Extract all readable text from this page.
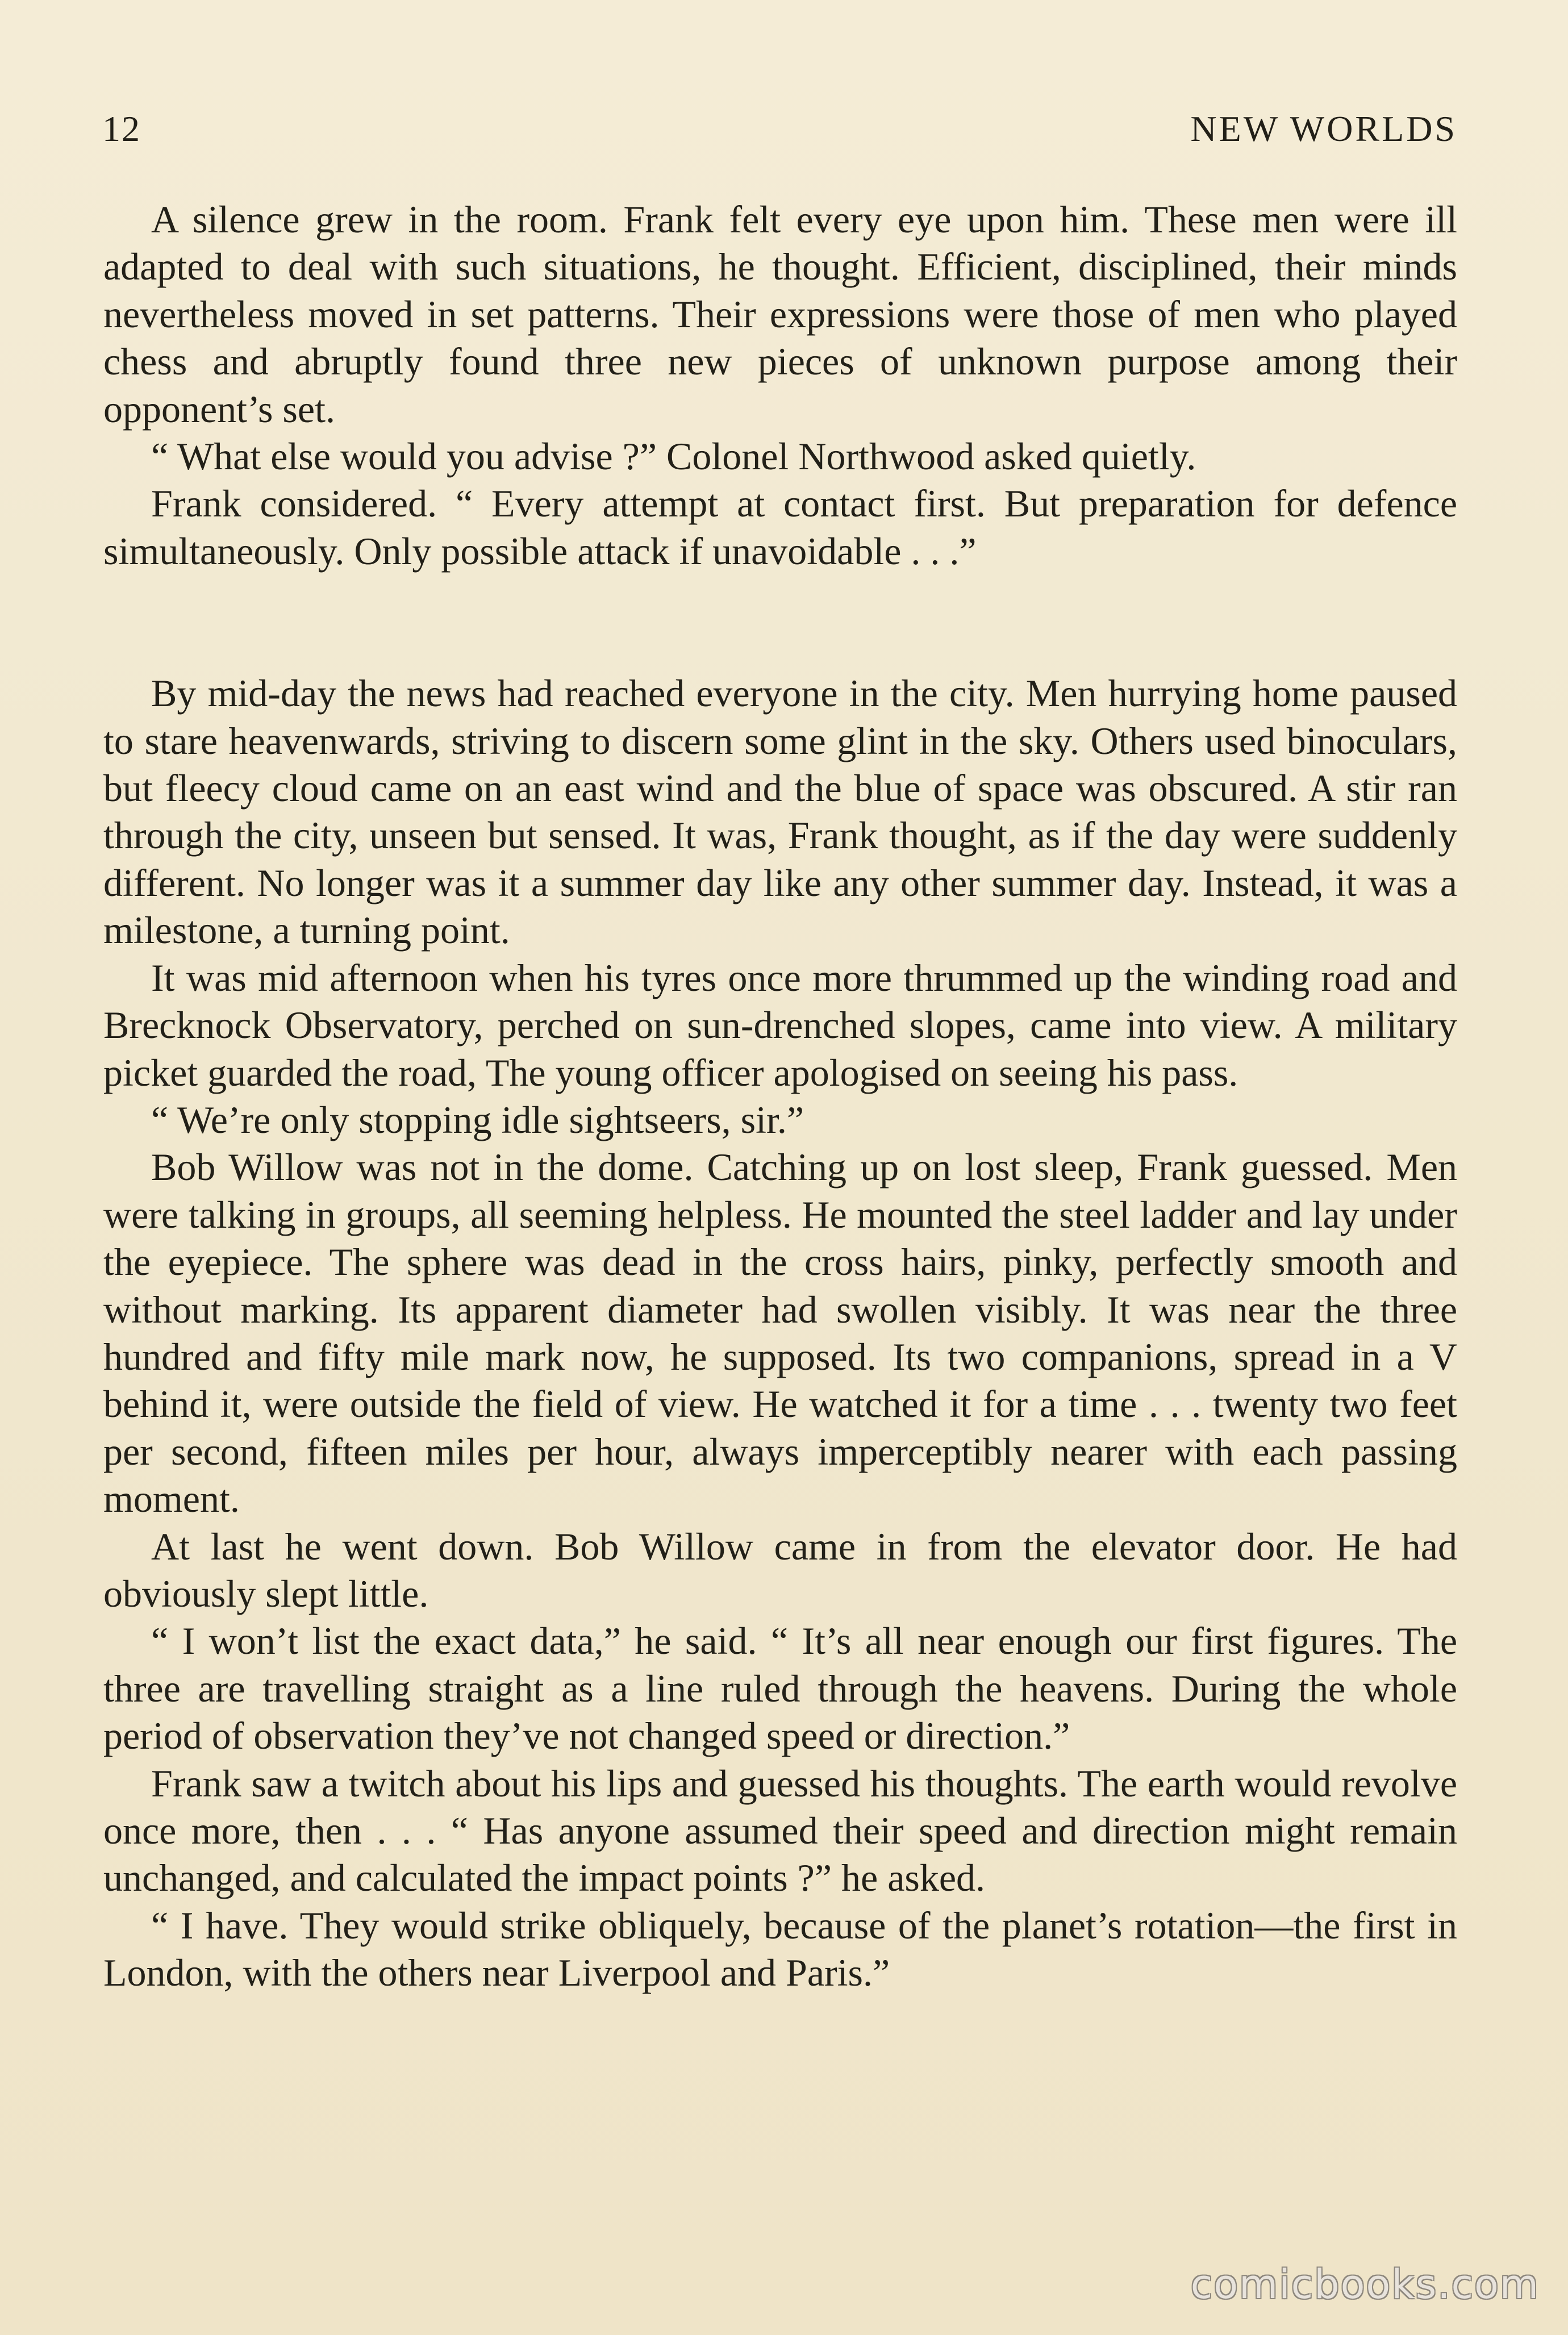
12	NEW WORLDS

A silence grew in the room. Frank felt every eye upon him. These men were ill adapted to deal with such situations, he thought. Efficient, disciplined, their minds nevertheless moved in set patterns. Their expressions were those of men who played chess and abruptly found three new pieces of unknown purpose among their opponent’s set.

“ What else would you advise ?” Colonel Northwood asked quietly.

Frank considered. “ Every attempt at contact first. But preparation for defence simultaneously. Only possible attack if unavoidable . . .”

By mid-day the news had reached everyone in the city. Men hurrying home paused to stare heavenwards, striving to discern some glint in the sky. Others used binoculars, but fleecy cloud came on an east wind and the blue of space was obscured. A stir ran through the city, unseen but sensed. It was, Frank thought, as if the day were suddenly different. No longer was it a summer day like any other summer day. Instead, it was a milestone, a turning point.

It was mid afternoon when his tyres once more thrummed up the winding road and Brecknock Observatory, perched on sun-drenched slopes, came into view. A military picket guarded the road, The young officer apologised on seeing his pass.

“ We’re only stopping idle sightseers, sir.”

Bob Willow was not in the dome. Catching up on lost sleep, Frank guessed. Men were talking in groups, all seeming helpless. He mounted the steel ladder and lay under the eyepiece. The sphere was dead in the cross hairs, pinky, perfectly smooth and without marking. Its apparent diameter had swollen visibly. It was near the three hundred and fifty mile mark now, he supposed. Its two companions, spread in a V behind it, were outside the field of view. He watched it for a time . . . twenty two feet per second, fifteen miles per hour, always imperceptibly nearer with each passing moment.

At last he went down. Bob Willow came in from the elevator door. He had obviously slept little.

“ I won’t list the exact data,” he said. “ It’s all near enough our first figures. The three are travelling straight as a line ruled through the heavens. During the whole period of observation they’ve not changed speed or direction.”

Frank saw a twitch about his lips and guessed his thoughts. The earth would revolve once more, then . . . “ Has anyone assumed their speed and direction might remain unchanged, and calculated the impact points ?” he asked.

“ I have. They would strike obliquely, because of the planet’s rotation—the first in London, with the others near Liverpool and Paris.”

comicbooks.com
